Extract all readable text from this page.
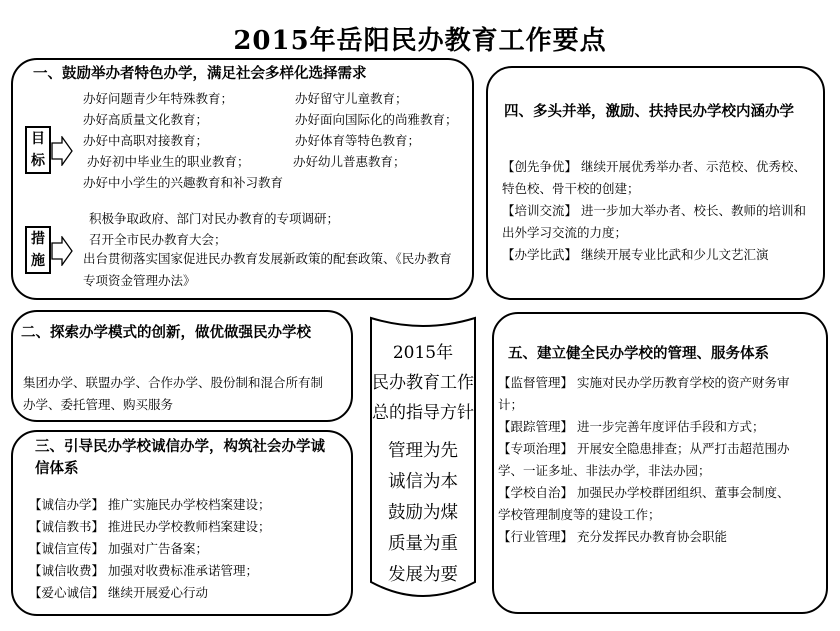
2015年岳阳民办教育工作要点
一、鼓励举办者特色办学，满足社会多样化选择需求
办好问题青少年特殊教育；
办好高质量文化教育；
办好中高职对接教育；
办好初中毕业生的职业教育；
办好中小学生的兴趣教育和补习教育
办好留守儿童教育；
办好面向国际化的尚雅教育；
办好体育等特色教育；
办好幼儿普惠教育；
积极争取政府、部门对民办教育的专项调研；
召开全市民办教育大会；
出台贯彻落实国家促进民办教育发展新政策的配套政策、《民办教育专项资金管理办法》
目标
措施
四、多头并举，激励、扶持民办学校内涵办学
【创先争优】 继续开展优秀举办者、示范校、优秀校、特色校、骨干校的创建；
【培训交流】 进一步加大举办者、校长、教师的培训和出外学习交流的力度；
【办学比武】 继续开展专业比武和少儿文艺汇演
二、探索办学模式的创新，做优做强民办学校
集团办学、联盟办学、合作办学、股份制和混合所有制办学、委托管理、购买服务
三、引导民办学校诚信办学，构筑社会办学诚信体系
【诚信办学】 推广实施民办学校档案建设；
【诚信教书】 推进民办学校教师档案建设；
【诚信宣传】 加强对广告备案；
【诚信收费】 加强对收费标准承诺管理；
【爱心诚信】 继续开展爱心行动
2015年
民办教育工作
总的指导方针
管理为先
诚信为本
鼓励为煤
质量为重
发展为要
五、建立健全民办学校的管理、服务体系
【监督管理】 实施对民办学历教育学校的资产财务审计；
【跟踪管理】 进一步完善年度评估手段和方式；
【专项治理】 开展安全隐患排查；从严打击超范围办学、一证多址、非法办学，非法办园；
【学校自治】 加强民办学校群团组织、董事会制度、学校管理制度等的建设工作；
【行业管理】 充分发挥民办教育协会职能
